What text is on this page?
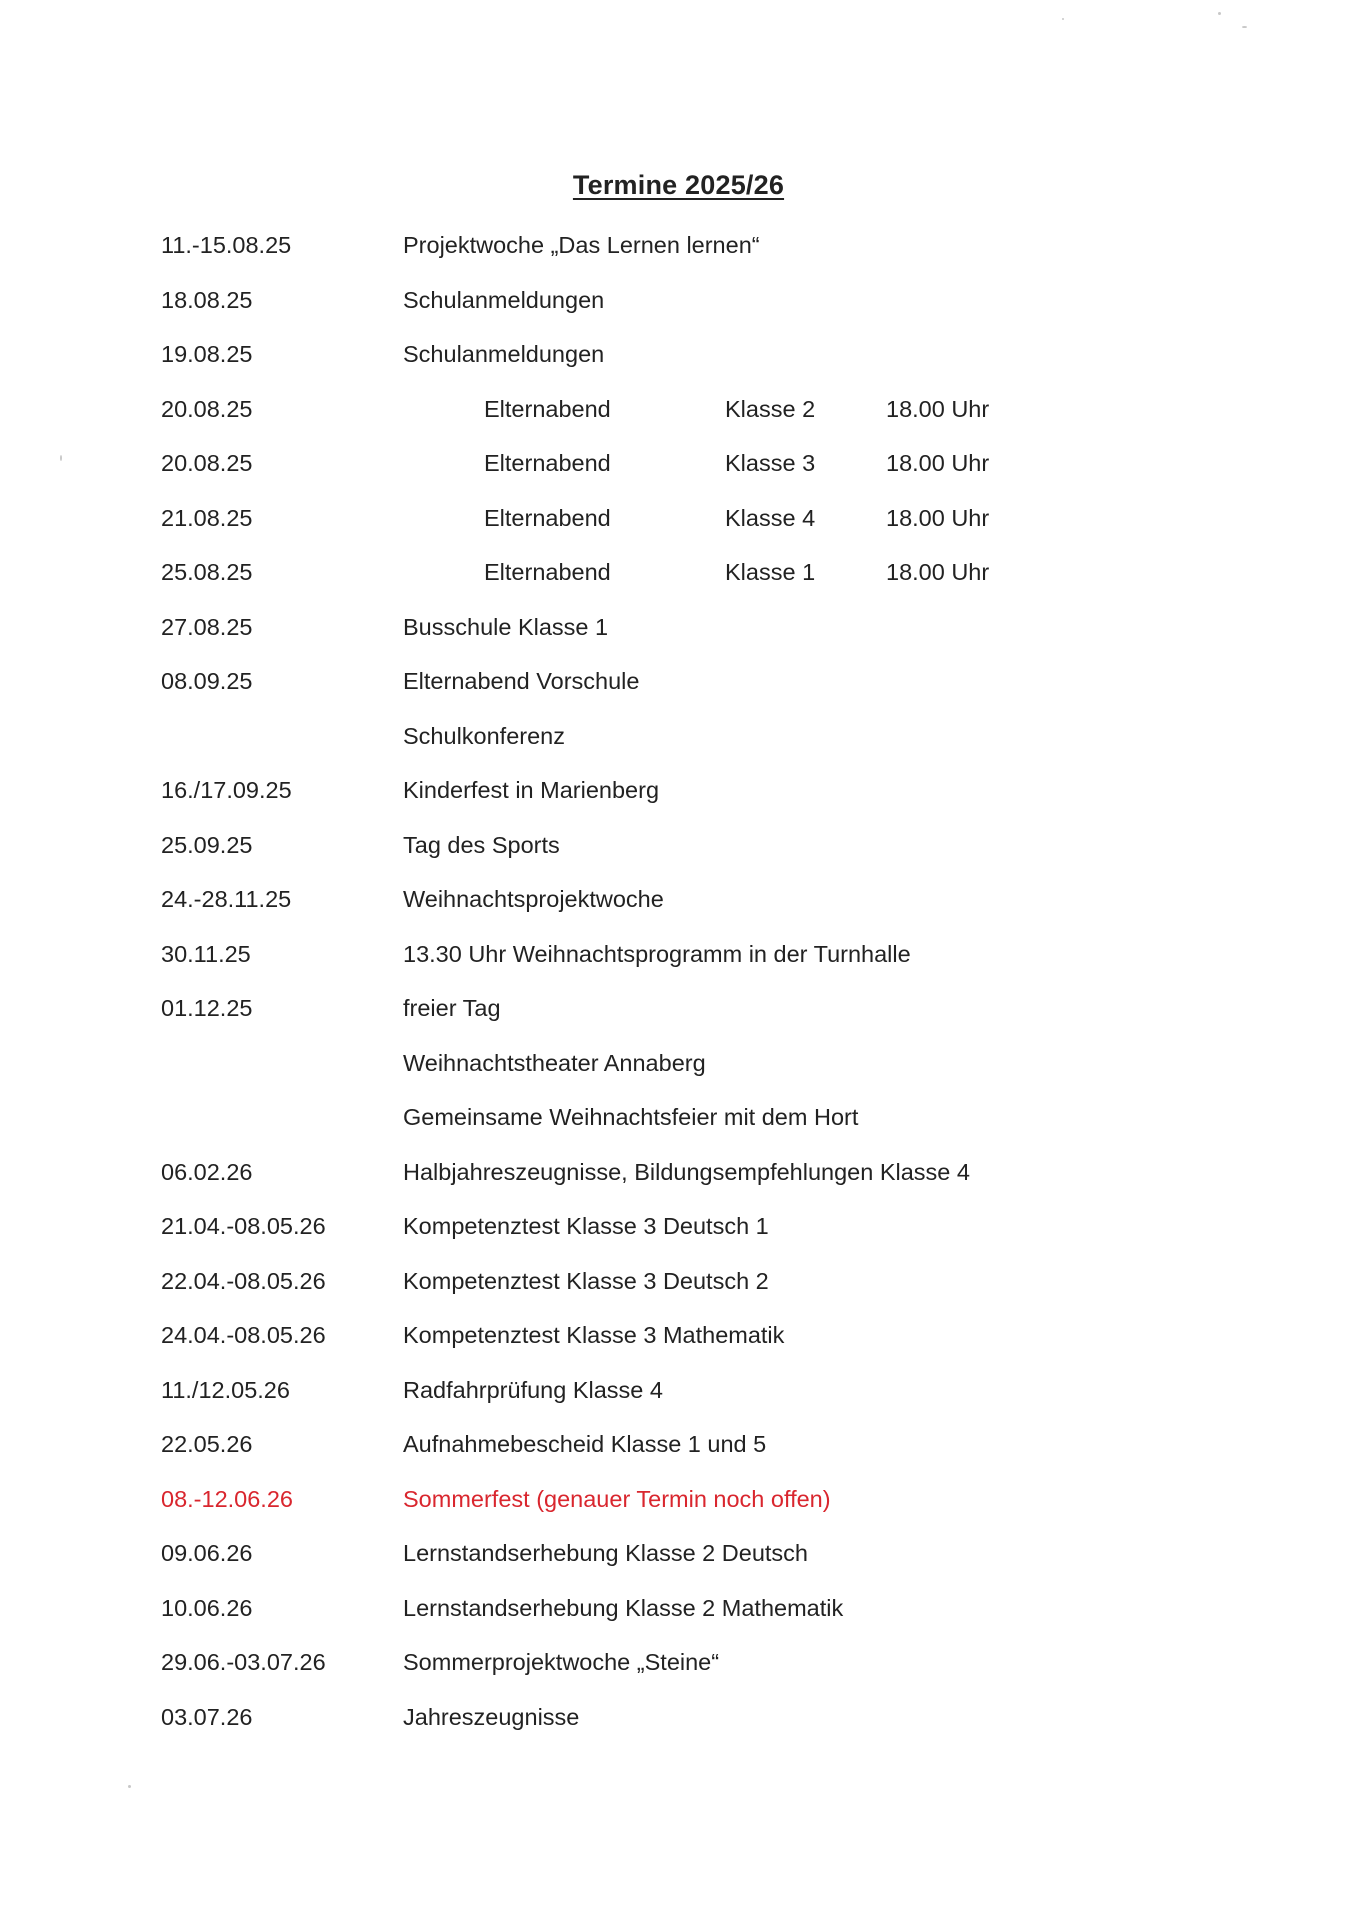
Termine 2025/26
11.-15.08.25	Projektwoche „Das Lernen lernen“
18.08.25	Schulanmeldungen
19.08.25	Schulanmeldungen
20.08.25	Elternabend	Klasse 2	18.00 Uhr
20.08.25	Elternabend	Klasse 3	18.00 Uhr
21.08.25	Elternabend	Klasse 4	18.00 Uhr
25.08.25	Elternabend	Klasse 1	18.00 Uhr
27.08.25	Busschule Klasse 1
08.09.25	Elternabend Vorschule
Schulkonferenz
16./17.09.25	Kinderfest in Marienberg
25.09.25	Tag des Sports
24.-28.11.25	Weihnachtsprojektwoche
30.11.25	13.30 Uhr Weihnachtsprogramm in der Turnhalle
01.12.25	freier Tag
Weihnachtstheater Annaberg
Gemeinsame Weihnachtsfeier mit dem Hort
06.02.26	Halbjahreszeugnisse, Bildungsempfehlungen Klasse 4
21.04.-08.05.26	Kompetenztest Klasse 3 Deutsch 1
22.04.-08.05.26	Kompetenztest Klasse 3 Deutsch 2
24.04.-08.05.26	Kompetenztest Klasse 3 Mathematik
11./12.05.26	Radfahrprüfung Klasse 4
22.05.26	Aufnahmebescheid Klasse 1 und 5
08.-12.06.26	Sommerfest (genauer Termin noch offen)
09.06.26	Lernstandserhebung Klasse 2 Deutsch
10.06.26	Lernstandserhebung Klasse 2 Mathematik
29.06.-03.07.26	Sommerprojektwoche „Steine“
03.07.26	Jahreszeugnisse
